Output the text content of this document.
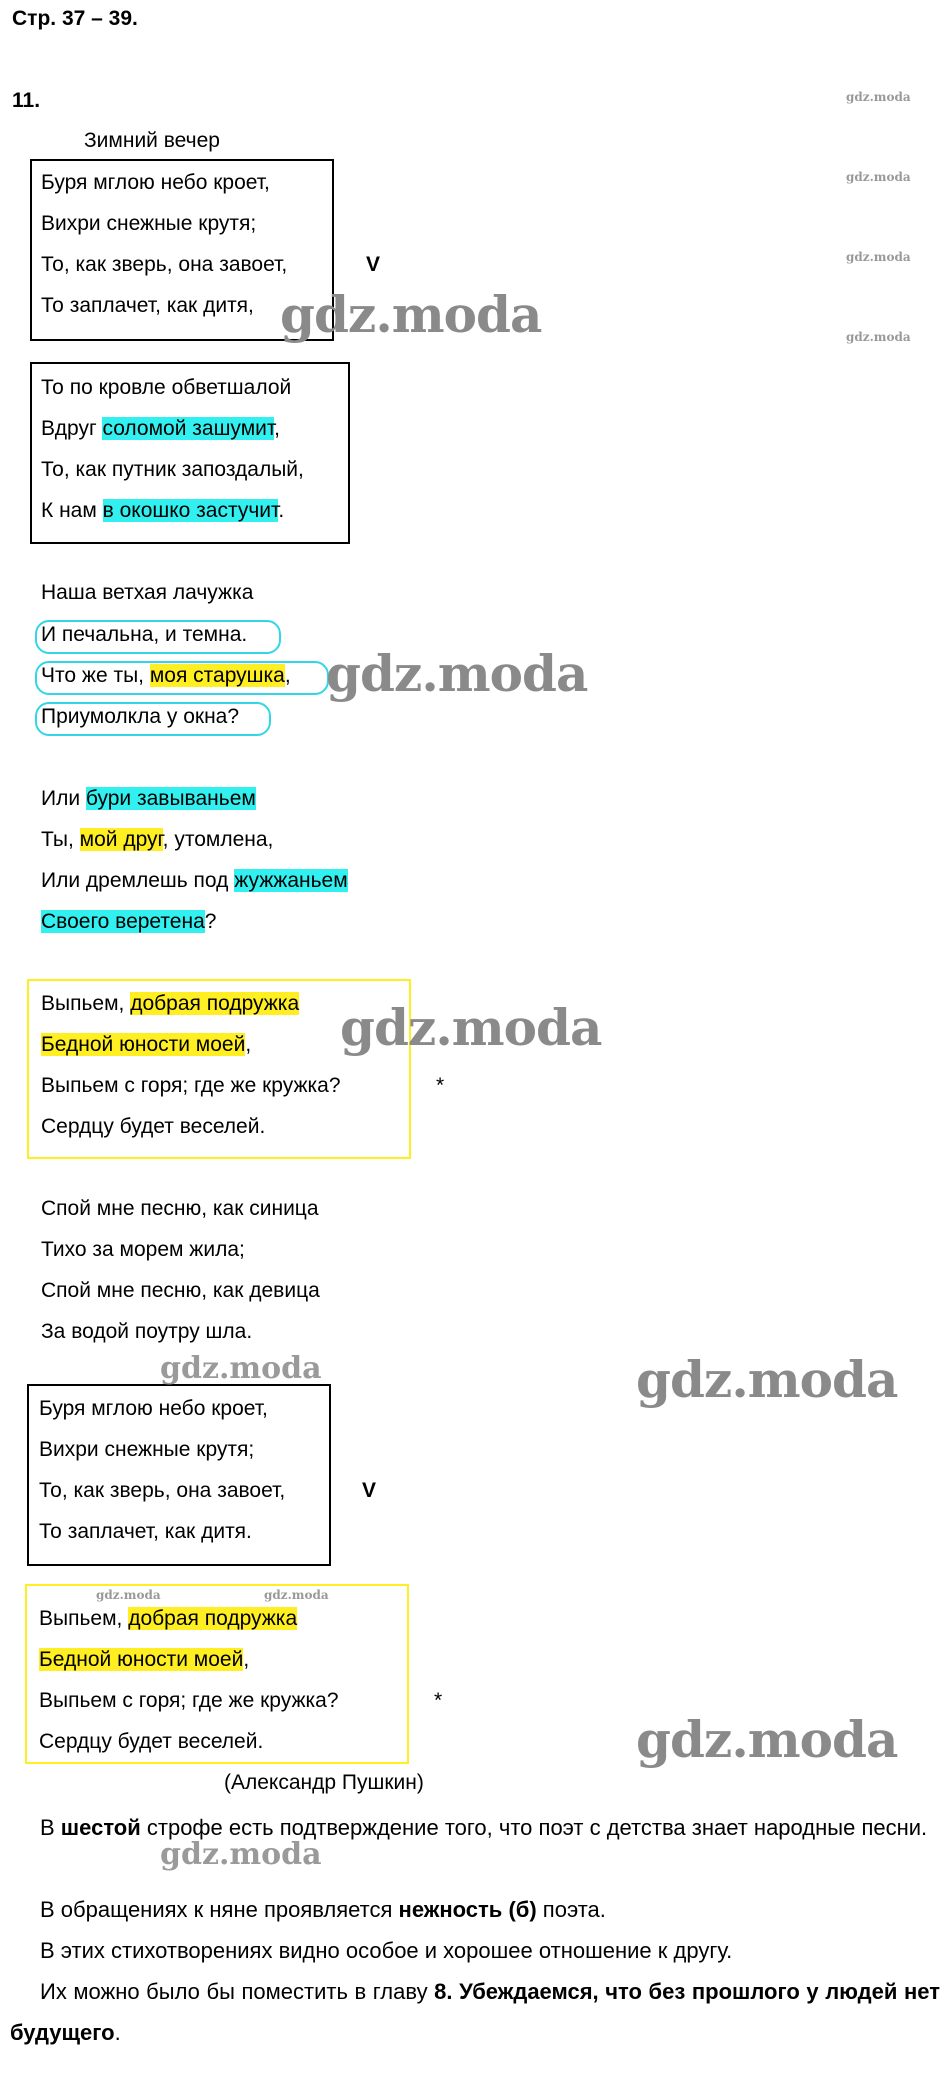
Стр. 37 – 39.
11.	gdz.moda
gdz.moda
gdz.moda
gdz.moda
Зимний вечер
Буря мглою небо кроет,
Вихри снежные крутя;
То, как зверь, она завоет,
То заплачет, как дитя,
V
То по кровле обветшалой
Вдруг соломой зашумит,
То, как путник запоздалый,
К нам в окошко застучит.
Наша ветхая лачужка
И печальна, и темна.
Что же ты, моя старушка,
Приумолкла у окна?
Или бури завываньем
Ты, мой друг, утомлена,
Или дремлешь под жужжаньем
Своего веретена?
Выпьем, добрая подружка
Бедной юности моей,
Выпьем с горя; где же кружка?
Сердцу будет веселей.
*
Спой мне песню, как синица
Тихо за морем жила;
Спой мне песню, как девица
За водой поутру шла.
Буря мглою небо кроет,
Вихри снежные крутя;
То, как зверь, она завоет,
То заплачет, как дитя.
V
Выпьем, добрая подружка
Бедной юности моей,
Выпьем с горя; где же кружка?
Сердцу будет веселей.
*
(Александр Пушкин)
В шестой строфе есть подтверждение того, что поэт с детства знает народные песни.
В обращениях к няне проявляется нежность (б) поэта.
В этих стихотворениях видно особое и хорошее отношение к другу.
Их можно было бы поместить в главу 8. Убеждаемся, что без прошлого у людей нет будущего.
gdz.moda
gdz.moda
gdz.moda
gdz.moda	gdz.moda
gdz.moda	gdz.moda
gdz.moda
gdz.moda
